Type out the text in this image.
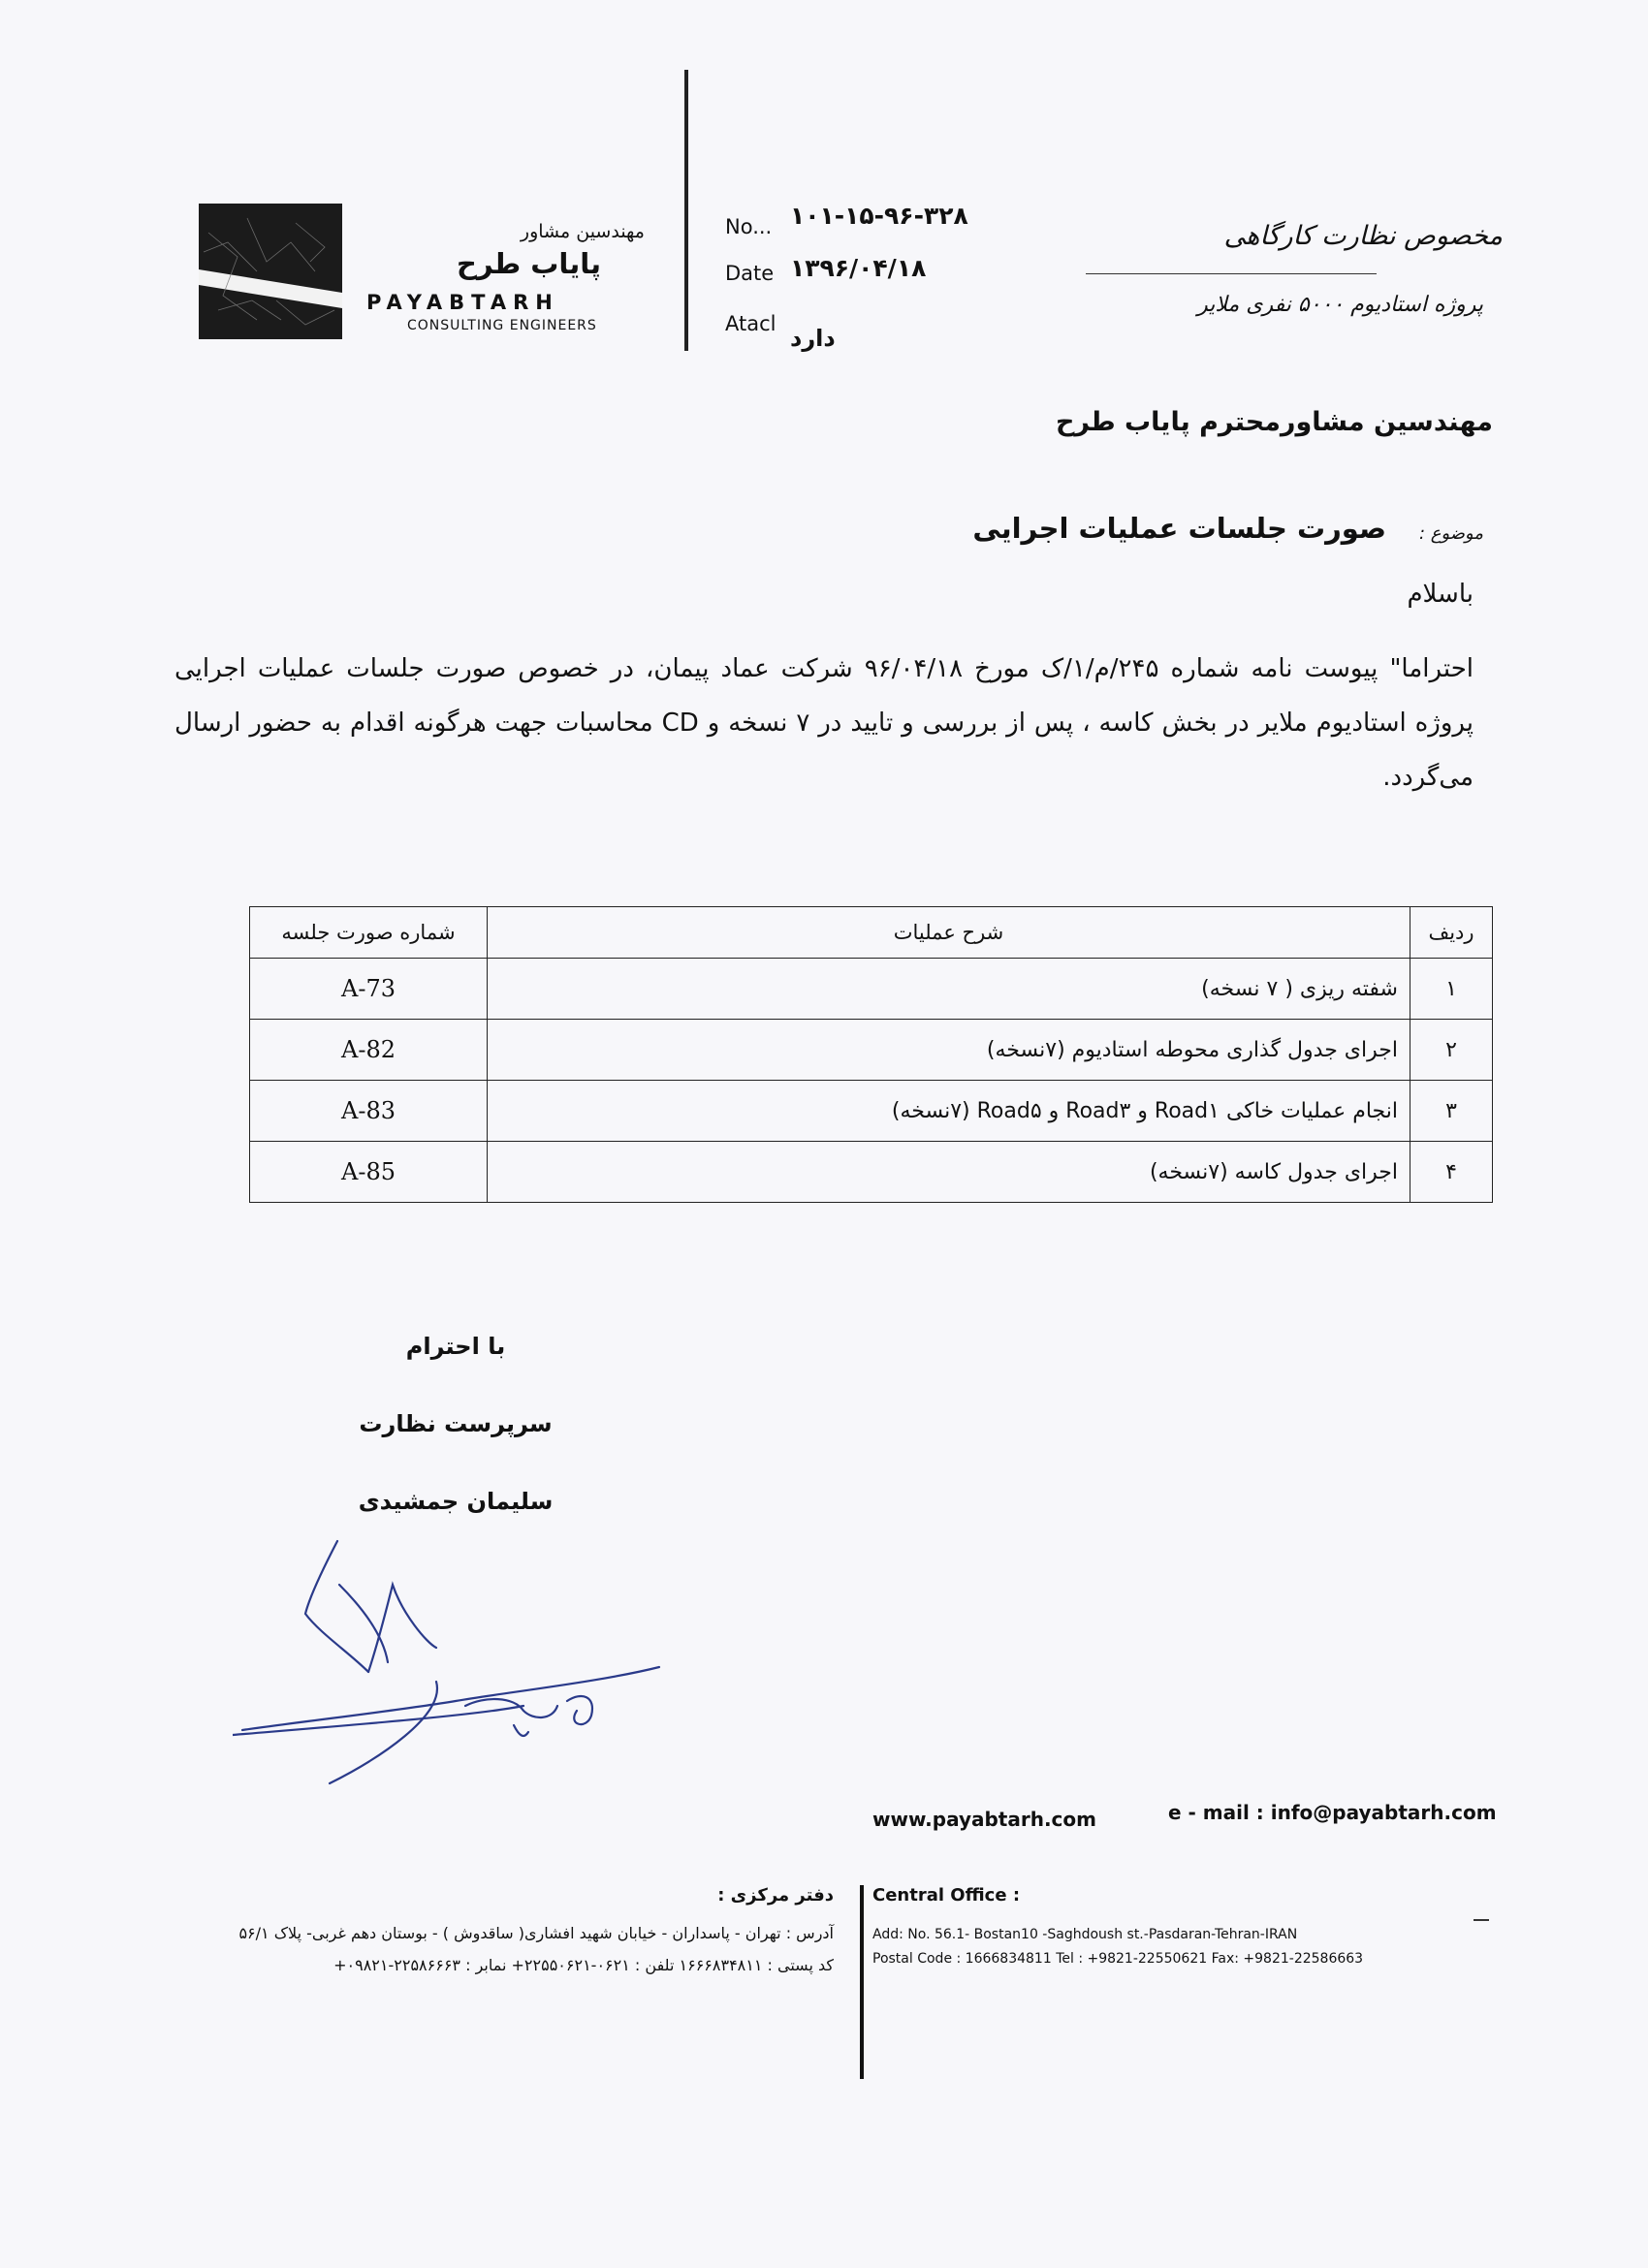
مهندسین مشاور
پایاب طرح
PAYABTARH
CONSULTING ENGINEERS
No... ۱۰۱-۱۵-۹۶-۳۲۸
Date ۱۳۹۶/۰۴/۱۸
Atacl
دارد
مخصوص نظارت کارگاهی
پروژه استادیوم ۵۰۰۰ نفری ملایر
مهندسین مشاورمحترم پایاب طرح
موضوع :
صورت جلسات عملیات اجرایی
باسلام
احتراما" پیوست نامه شماره ۲۴۵/م/۱/ک مورخ ۹۶/۰۴/۱۸ شرکت عماد پیمان، در خصوص صورت جلسات عملیات اجرایی پروژه استادیوم ملایر در بخش کاسه ، پس از بررسی و تایید در ۷ نسخه و CD محاسبات جهت هرگونه اقدام به حضور ارسال می‌گردد.
ردیف	شرح عملیات	شماره صورت جلسه
۱	شفته ریزی ( ۷ نسخه)	A-73
۲	اجرای جدول گذاری محوطه استادیوم (۷نسخه)	A-82
۳	انجام عملیات خاکی Road۱ و Road۳ و Road۵ (۷نسخه)	A-83
۴	اجرای جدول کاسه (۷نسخه)	A-85
با احترام
سرپرست نظارت
سلیمان جمشیدی
www.payabtarh.com	e - mail : info@payabtarh.com
دفتر مرکزی :
آدرس : تهران - پاسداران - خیابان شهید افشاری( ساقدوش ) - بوستان دهم غربی- پلاک ۵۶/۱
کد پستی : ۱۶۶۶۸۳۴۸۱۱ تلفن : ۰۶۲۱-۲۲۵۵۰۶۲۱+ نمابر : ۲۲۵۸۶۶۶۳-۰۹۸۲۱+
Central Office :
Add: No. 56.1- Bostan10 -Saghdoush st.-Pasdaran-Tehran-IRAN
Postal Code : 1666834811 Tel : +9821-22550621 Fax: +9821-22586663
